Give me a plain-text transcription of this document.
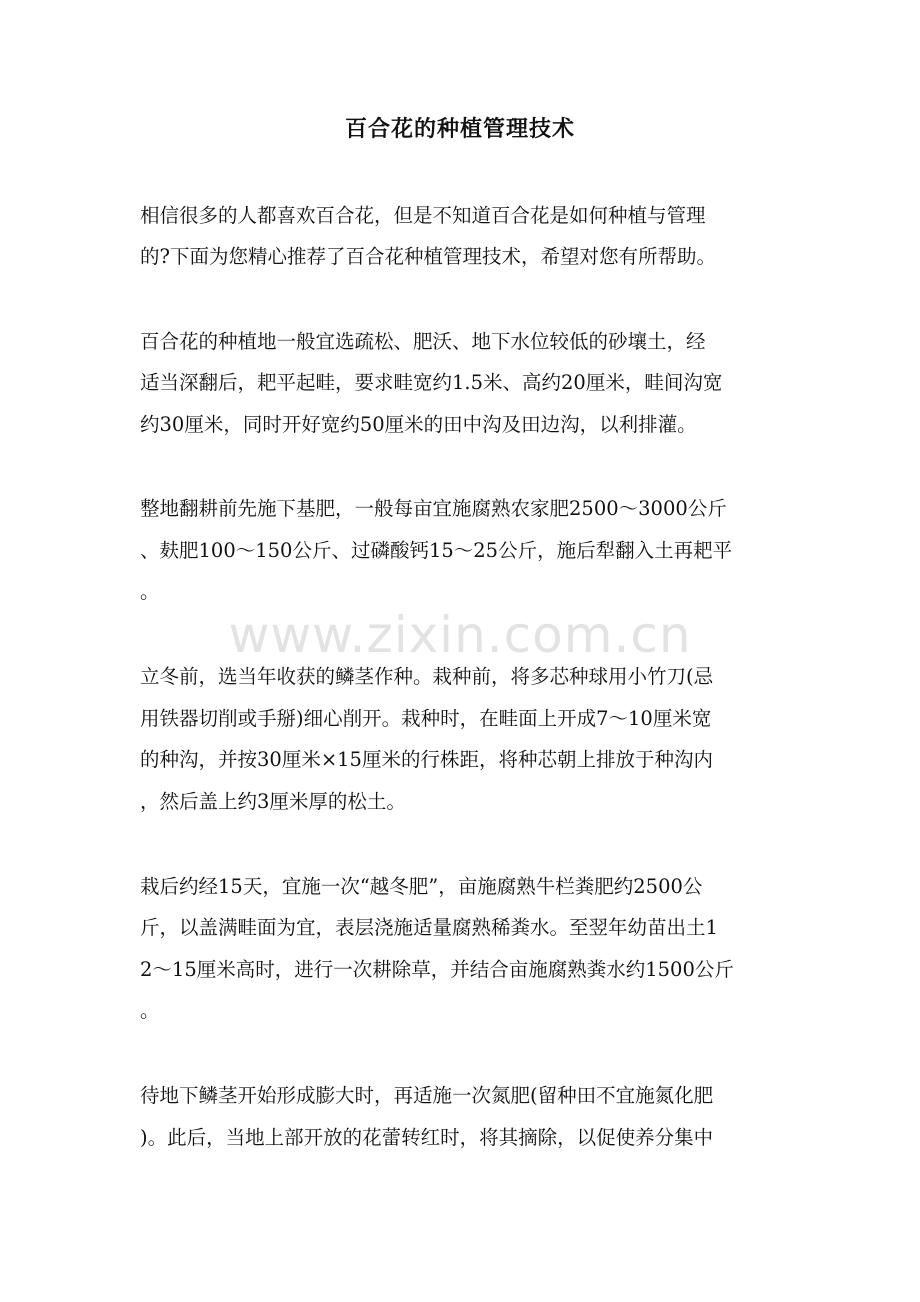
www.zixin.com.cn
百合花的种植管理技术

相信很多的人都喜欢百合花，但是不知道百合花是如何种植与管理

的?下面为您精心推荐了百合花种植管理技术，希望对您有所帮助。

百合花的种植地一般宜选疏松、肥沃、地下水位较低的砂壤土，经

适当深翻后，耙平起畦，要求畦宽约1.5米、高约20厘米，畦间沟宽

约30厘米，同时开好宽约50厘米的田中沟及田边沟，以利排灌。

整地翻耕前先施下基肥，一般每亩宜施腐熟农家肥2500～3000公斤

、麸肥100～150公斤、过磷酸钙15～25公斤，施后犁翻入土再耙平

。

立冬前，选当年收获的鳞茎作种。栽种前，将多芯种球用小竹刀(忌

用铁器切削或手掰)细心削开。栽种时，在畦面上开成7～10厘米宽

的种沟，并按30厘米×15厘米的行株距，将种芯朝上排放于种沟内

，然后盖上约3厘米厚的松土。

栽后约经15天，宜施一次“越冬肥”，亩施腐熟牛栏粪肥约2500公

斤，以盖满畦面为宜，表层浇施适量腐熟稀粪水。至翌年幼苗出土1

2～15厘米高时，进行一次耕除草，并结合亩施腐熟粪水约1500公斤

。

待地下鳞茎开始形成膨大时，再适施一次氮肥(留种田不宜施氮化肥

)。此后，当地上部开放的花蕾转红时，将其摘除，以促使养分集中
